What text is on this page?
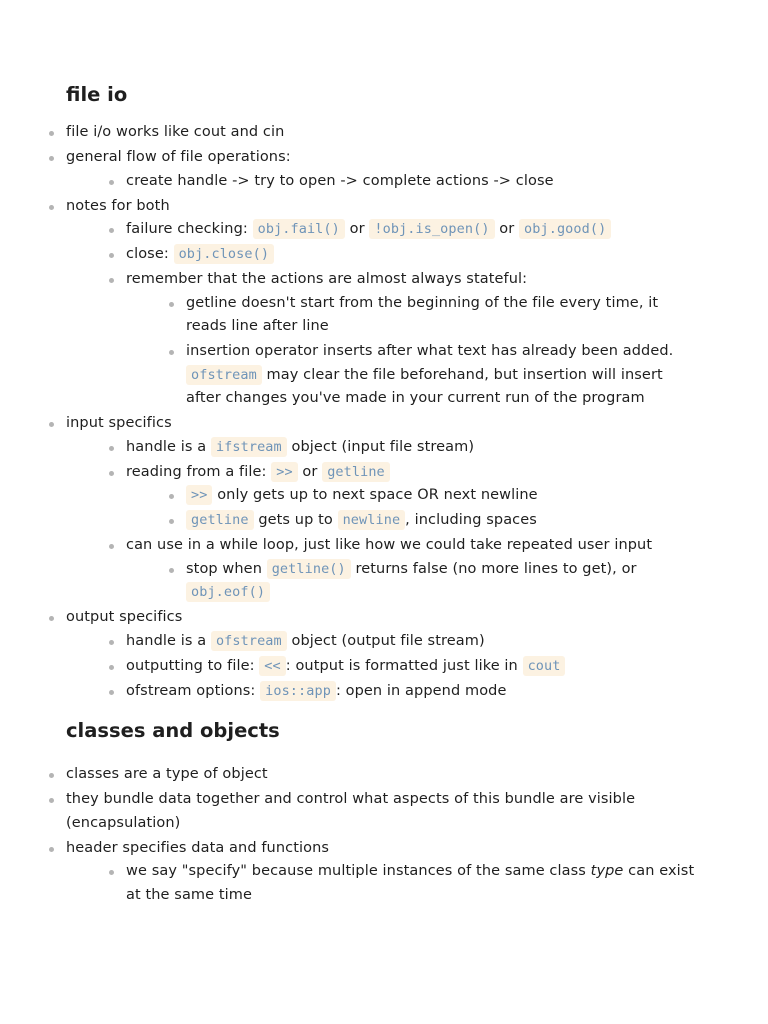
file io
file i/o works like cout and cin
general flow of file operations:
create handle -> try to open -> complete actions -> close
notes for both
failure checking: obj.fail() or !obj.is_open() or obj.good()
close: obj.close()
remember that the actions are almost always stateful:
getline doesn't start from the beginning of the file every time, it reads line after line
insertion operator inserts after what text has already been added. ofstream may clear the file beforehand, but insertion will insert after changes you've made in your current run of the program
input specifics
handle is a ifstream object (input file stream)
reading from a file: >> or getline
>> only gets up to next space OR next newline
getline gets up to newline , including spaces
can use in a while loop, just like how we could take repeated user input
stop when getline() returns false (no more lines to get), or obj.eof()
output specifics
handle is a ofstream object (output file stream)
outputting to file: << : output is formatted just like in cout
ofstream options: ios::app : open in append mode
classes and objects
classes are a type of object
they bundle data together and control what aspects of this bundle are visible (encapsulation)
header specifies data and functions
we say "specify" because multiple instances of the same class type can exist at the same time
